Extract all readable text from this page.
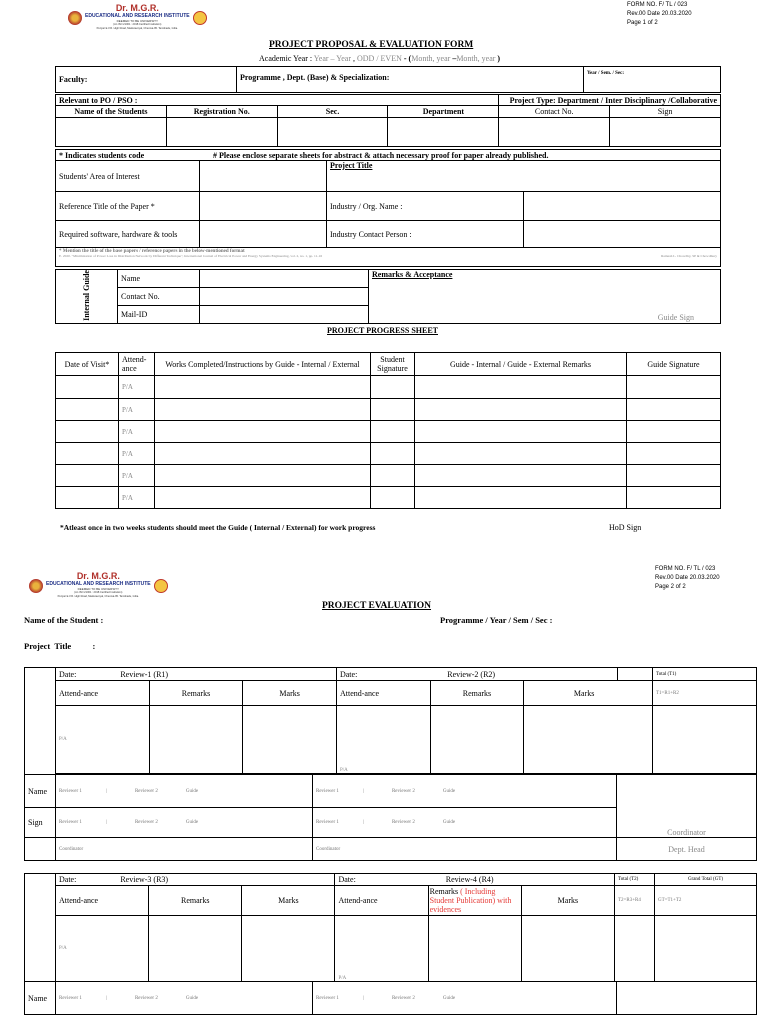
Dr. M.G.R.
EDUCATIONAL AND RESEARCH INSTITUTE
DEEMED TO BE UNIVERSITY
(An ISO 21001 : 2018 Certified Institution)
Periyar E.V.R. High Road, Maduravoyal, Chennai-95. Tamilnadu, India.
FORM NO. F/ TL / 023
Rev.00 Date 20.03.2020
Page 1 of 2
PROJECT PROPOSAL & EVALUATION FORM
Academic Year : Year – Year , ODD / EVEN - (Month, year –Month, year )
Faculty:	Programme , Dept. (Base) & Specialization:	Year / Sem. / Sec:
Relevant to PO / PSO :				Project Type: Department / Inter Disciplinary /Collaborative	
Name of the Students	Registration No.	Sec.	Department	Contact No.	Sign

* Indicates students code	# Please enclose separate sheets for abstract & attach necessary proof for paper already published.
Students' Area of Interest		Project Title	
Reference Title of the Paper *		Industry / Org. Name :	
Required software, hardware & tools		Industry Contact Person :	

* Mention the title of the base papers / reference papers in the below-mentioned format
E. 2020. "Minimization of Power Loss in Distribution Network by Different Technique", International Journal of Electrical Power and Energy Systems Engineering, vol. 2, no. 1, pp. 11-16 Ramesh L. Chowdhy, SP & Chowdhury			
Internal Guide	Name		Remarks & Acceptance
Guide Sign

	Contact No.		
	Mail-ID		
PROJECT PROGRESS SHEET
Date of Visit*	Attend-ance	Works Completed/Instructions by Guide - Internal / External	Student Signature	Guide - Internal / Guide - External Remarks	Guide Signature
	P/A				
	P/A				
	P/A				
	P/A				
	P/A				
	P/A				
*Atleast once in two weeks students should meet the Guide ( Internal / External) for work progress	HoD Sign
Dr. M.G.R.
EDUCATIONAL AND RESEARCH INSTITUTE
DEEMED TO BE UNIVERSITY
(An ISO 21001 : 2018 Certified Institution)
Periyar E.V.R. High Road, Maduravoyal, Chennai-95. Tamilnadu, India.
FORM NO. F/ TL / 023
Rev.00 Date 20.03.2020
Page 2 of 2
PROJECT EVALUATION
Name of the Student :	Programme / Year / Sem / Sec :
Project  Title          :
	Date: Review-1 (R1)			Date: Review-2 (R2)				Total (T1)
	Attend-ance	Remarks	Marks	Attend-ance	Remarks	Marks		T1=R1+R2
	P/A			P/A				

Name	Reviewer 1 | Reviewer 2 Guide	Reviewer 1 | Reviewer 2 Guide	Coordinator
Sign	Reviewer 1 | Reviewer 2 Guide	Reviewer 1 | Reviewer 2 Guide	
	Coordinator	Coordinator	Dept. Head
	Date: Review-3 (R3)			Date: Review-4 (R4)			Total (T2)	Grand Total (GT)
	Attend-ance	Remarks	Marks	Attend-ance	Remarks ( Including Student Publication) with evidences	Marks	T2=R3+R4	GT=T1+T2
	P/A			P/A				
Name	Reviewer 1	|	Reviewer 2	Guide	Reviewer 1	|	Reviewer 2	Guide	
